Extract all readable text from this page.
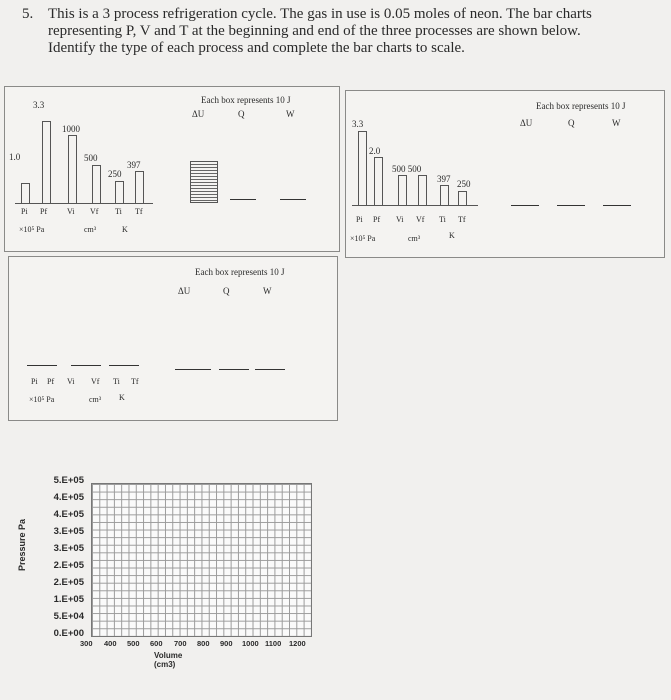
5. This is a 3 process refrigeration cycle. The gas in use is 0.05 moles of neon. The bar charts
representing P, V and T at the beginning and end of the three processes are shown below.
Identify the type of each process and complete the bar charts to scale.
3.3
1.0
1000
500
250
397
Pi Pf Vi Vf Ti Tf
×10⁵ Pa	cm³	K
Each box represents 10 J
ΔU	Q	W
3.3
2.0
500 500
397 250
Pi Pf Vi Vf Ti Tf
×10⁵ Pa	cm³	K
Each box represents 10 J
ΔU	Q	W
Each box represents 10 J
ΔU	Q	W
Pi Pf Vi Vf Ti Tf
×10⁵ Pa	cm³ K
Pressure Pa
5.E+05
4.E+05
4.E+05
3.E+05
3.E+05
2.E+05
2.E+05
1.E+05
5.E+04
0.E+00
300 400 500 600 700 800 900 1000 1100 1200
Volume (cm3)
